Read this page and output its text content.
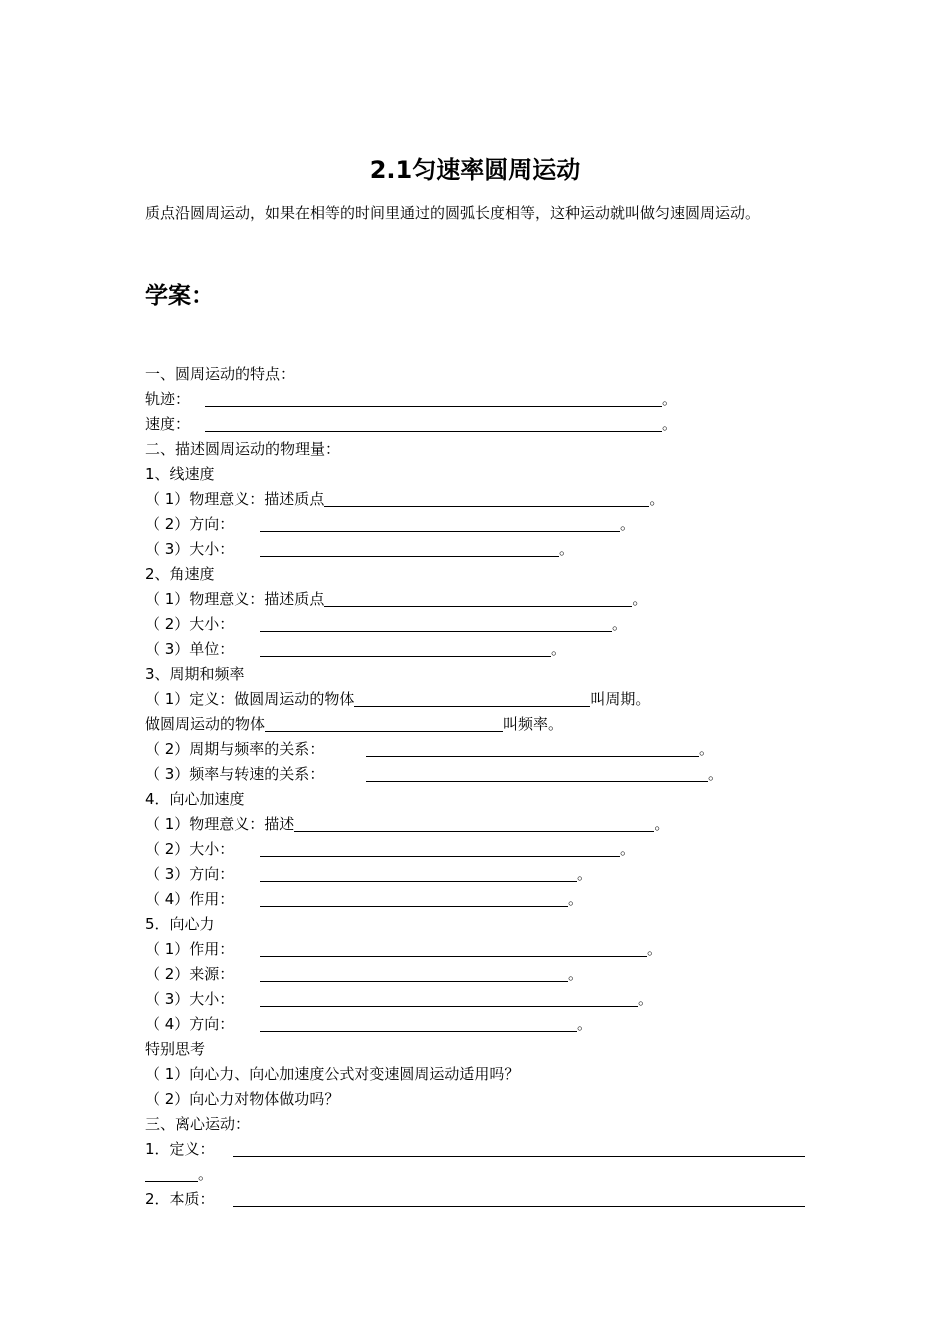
2.1匀速率圆周运动
质点沿圆周运动，如果在相等的时间里通过的圆弧长度相等，这种运动就叫做匀速圆周运动。
学案：
一、圆周运动的特点：
轨迹：	。
速度：	。
二、描述圆周运动的物理量：
1、线速度
（ 1）物理意义：描述质点	。
（ 2）方向：	。
（ 3）大小：	。
2、角速度
（ 1）物理意义：描述质点	。
（ 2）大小：	。
（ 3）单位：	。
3、周期和频率
（ 1）定义：做圆周运动的物体	叫周期。
做圆周运动的物体	叫频率。
（ 2）周期与频率的关系：	。
（ 3）频率与转速的关系：	。
4．向心加速度
（ 1）物理意义：描述	。
（ 2）大小：	。
（ 3）方向：	。
（ 4）作用：	。
5．向心力
（ 1）作用：	。
（ 2）来源：	。
（ 3）大小：	。
（ 4）方向：	。
特别思考
（ 1）向心力、向心加速度公式对变速圆周运动适用吗？
（ 2）向心力对物体做功吗？
三、离心运动：
1．定义：
。
2．本质：
